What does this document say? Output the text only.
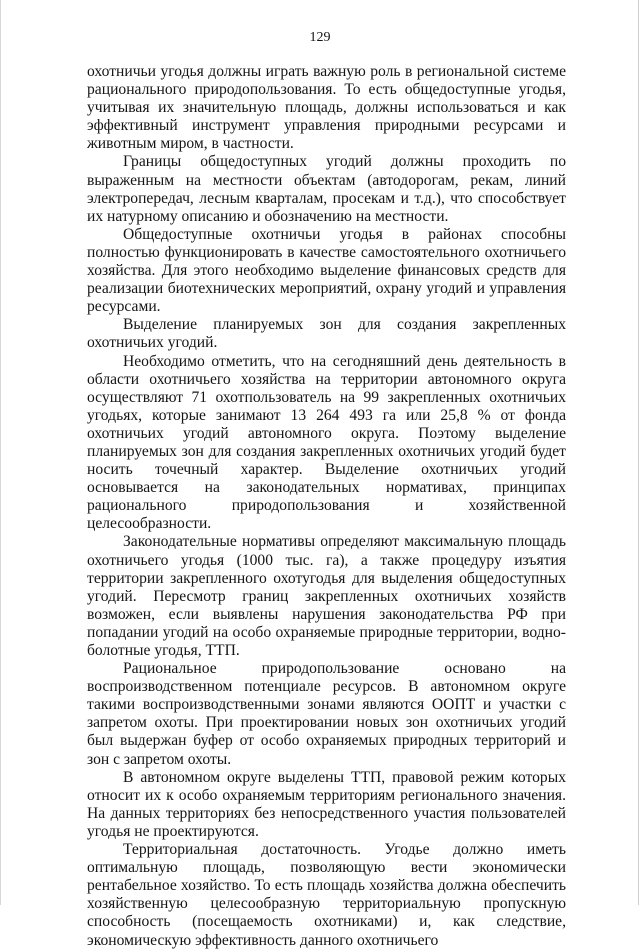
129

охотничьи угодья должны играть важную роль в региональной системе рационального природопользования. То есть общедоступные угодья, учитывая их значительную площадь, должны использоваться и как эффективный инструмент управления природными ресурсами и животным миром, в частности.

Границы общедоступных угодий должны проходить по выраженным на местности объектам (автодорогам, рекам, линий электропередач, лесным кварталам, просекам и т.д.), что способствует их натурному описанию и обозначению на местности.

Общедоступные охотничьи угодья в районах способны полностью функционировать в качестве самостоятельного охотничьего хозяйства. Для этого необходимо выделение финансовых средств для реализации биотехнических мероприятий, охрану угодий и управления ресурсами.

Выделение планируемых зон для создания закрепленных охотничьих угодий.

Необходимо отметить, что на сегодняшний день деятельность в области охотничьего хозяйства на территории автономного округа осуществляют 71 охотпользователь на 99 закрепленных охотничьих угодьях, которые занимают 13 264 493 га или 25,8 % от фонда охотничьих угодий автономного округа. Поэтому выделение планируемых зон для создания закрепленных охотничьих угодий будет носить точечный характер. Выделение охотничьих угодий основывается на законодательных нормативах, принципах рационального природопользования и хозяйственной целесообразности.

Законодательные нормативы определяют максимальную площадь охотничьего угодья (1000 тыс. га), а также процедуру изъятия территории закрепленного охотугодья для выделения общедоступных угодий. Пересмотр границ закрепленных охотничьих хозяйств возможен, если выявлены нарушения законодательства РФ при попадании угодий на особо охраняемые природные территории, водно-болотные угодья, ТТП.

Рациональное природопользование основано на воспроизводственном потенциале ресурсов. В автономном округе такими воспроизводственными зонами являются ООПТ и участки с запретом охоты. При проектировании новых зон охотничьих угодий был выдержан буфер от особо охраняемых природных территорий и зон с запретом охоты.

В автономном округе выделены ТТП, правовой режим которых относит их к особо охраняемым территориям регионального значения. На данных территориях без непосредственного участия пользователей угодья не проектируются.

Территориальная достаточность. Угодье должно иметь оптимальную площадь, позволяющую вести экономически рентабельное хозяйство. То есть площадь хозяйства должна обеспечить хозяйственную целесообразную территориальную пропускную способность (посещаемость охотниками) и, как следствие, экономическую эффективность данного охотничьего
